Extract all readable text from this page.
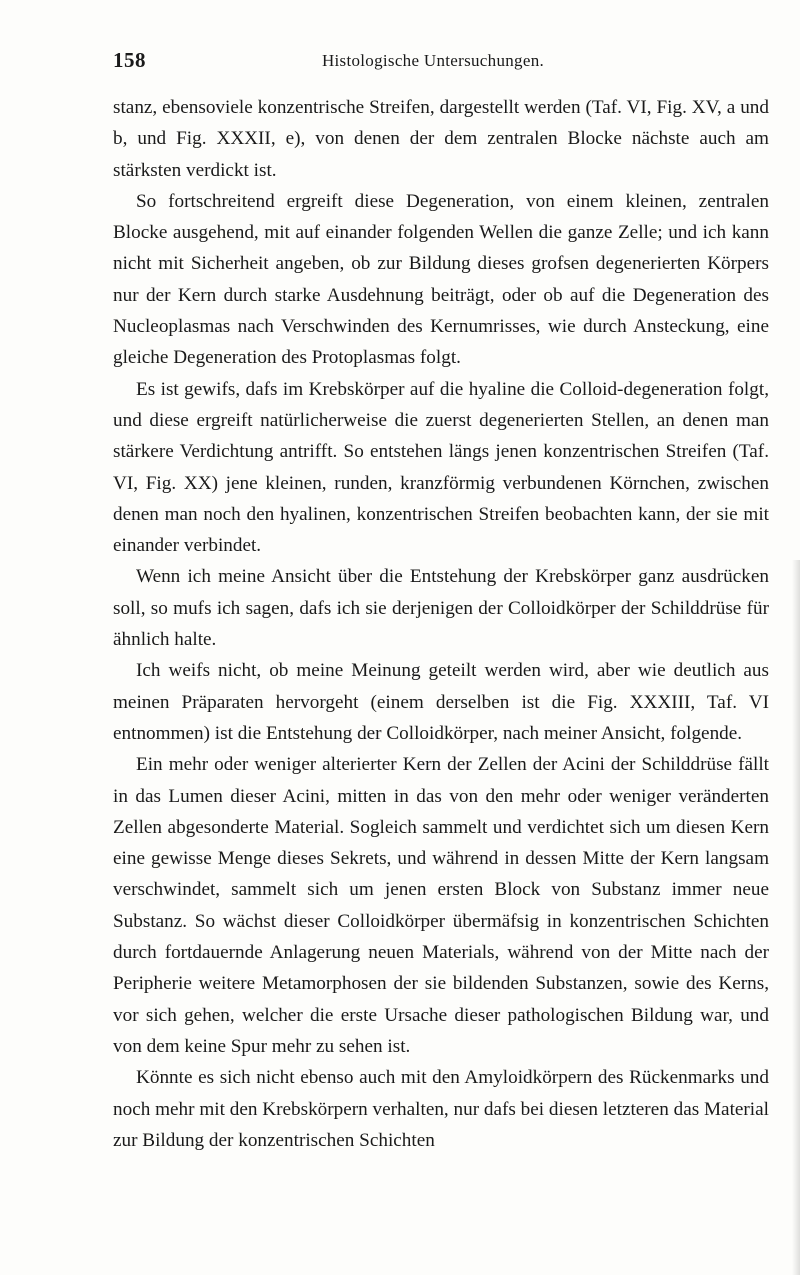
158	Histologische Untersuchungen.

stanz, ebensoviele konzentrische Streifen, dargestellt werden (Taf. VI, Fig. XV, a und b, und Fig. XXXII, e), von denen der dem zentralen Blocke nächste auch am stärksten verdickt ist.

So fortschreitend ergreift diese Degeneration, von einem kleinen, zentralen Blocke ausgehend, mit auf einander folgenden Wellen die ganze Zelle; und ich kann nicht mit Sicherheit angeben, ob zur Bildung dieses grofsen degenerierten Körpers nur der Kern durch starke Ausdehnung beiträgt, oder ob auf die Degeneration des Nucleoplasmas nach Verschwinden des Kernumrisses, wie durch Ansteckung, eine gleiche Degeneration des Protoplasmas folgt.

Es ist gewifs, dafs im Krebskörper auf die hyaline die Colloid-degeneration folgt, und diese ergreift natürlicherweise die zuerst degenerierten Stellen, an denen man stärkere Verdichtung antrifft. So entstehen längs jenen konzentrischen Streifen (Taf. VI, Fig. XX) jene kleinen, runden, kranzförmig verbundenen Körnchen, zwischen denen man noch den hyalinen, konzentrischen Streifen beobachten kann, der sie mit einander verbindet.

Wenn ich meine Ansicht über die Entstehung der Krebskörper ganz ausdrücken soll, so mufs ich sagen, dafs ich sie derjenigen der Colloidkörper der Schilddrüse für ähnlich halte.

Ich weifs nicht, ob meine Meinung geteilt werden wird, aber wie deutlich aus meinen Präparaten hervorgeht (einem derselben ist die Fig. XXXIII, Taf. VI entnommen) ist die Entstehung der Colloidkörper, nach meiner Ansicht, folgende.

Ein mehr oder weniger alterierter Kern der Zellen der Acini der Schilddrüse fällt in das Lumen dieser Acini, mitten in das von den mehr oder weniger veränderten Zellen abgesonderte Material. Sogleich sammelt und verdichtet sich um diesen Kern eine gewisse Menge dieses Sekrets, und während in dessen Mitte der Kern langsam verschwindet, sammelt sich um jenen ersten Block von Substanz immer neue Substanz. So wächst dieser Colloidkörper übermäfsig in konzentrischen Schichten durch fortdauernde Anlagerung neuen Materials, während von der Mitte nach der Peripherie weitere Metamorphosen der sie bildenden Substanzen, sowie des Kerns, vor sich gehen, welcher die erste Ursache dieser pathologischen Bildung war, und von dem keine Spur mehr zu sehen ist.

Könnte es sich nicht ebenso auch mit den Amyloidkörpern des Rückenmarks und noch mehr mit den Krebskörpern verhalten, nur dafs bei diesen letzteren das Material zur Bildung der konzentrischen Schichten
